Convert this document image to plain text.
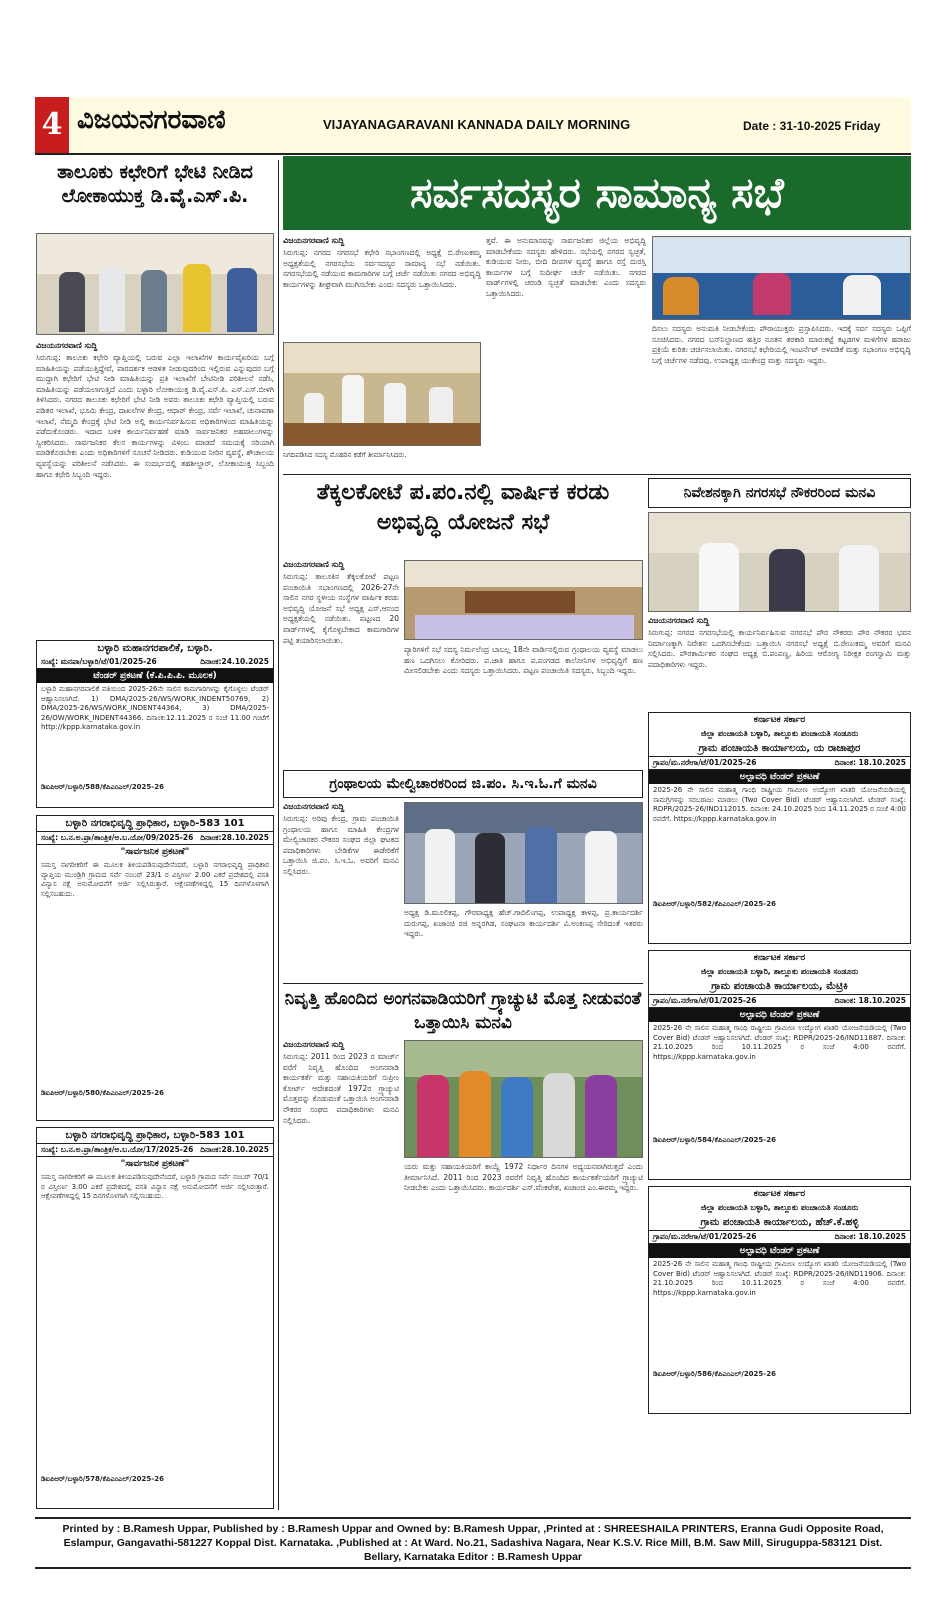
4 ವಿಜಯನಗರವಾಣಿ	VIJAYANAGARAVANI KANNADA DAILY MORNING	Date : 31-10-2025 Friday
ತಾಲೂಕು ಕಛೇರಿಗೆ ಭೇಟಿ ನೀಡಿದ ಲೋಕಾಯುಕ್ತ ಡಿ.ವೈ.ಎಸ್.ಪಿ.
ವಿಜಯನಗರವಾಣಿ ಸುದ್ದಿ
ಸಿರುಗುಪ್ಪ: ತಾಲೂಕು ಕಛೇರಿ ವ್ಯಾಪ್ತಿಯಲ್ಲಿ ಬರುವ ಎಲ್ಲಾ ಇಲಾಖೆಗಳ ಕಾರ್ಯವೈಖರಿಯ ಬಗ್ಗೆ ಮಾಹಿತಿಯನ್ನು ಪಡೆಯುತ್ತಿದ್ದೇವೆ, ಪಾರದರ್ಶಕ ಆಡಳಿತ ನೀಡುವುದರಿಂದ ಇಲ್ಲಿರುವ ಎನ್ನುವುದರ ಬಗ್ಗೆ ಮುದ್ದಾಗಿ ಕಛೇರಿಗೆ ಭೇಟಿ ನೀಡಿ ಮಾಹಿತಿಯನ್ನು ಪ್ರತಿ ಇಲಾಖೆಗೆ ಬೇಟಿನೀಡಿ ಪರಿಶೀಲನೆ ನಡೆಸಿ, ಮಾಹಿತಿಯನ್ನು ಪಡೆಯಲಾಗುತ್ತಿದೆ ಎಂದು ಬಳ್ಳಾರಿ ಲೋಕಾಯುಕ್ತ ಡಿ.ವೈ.ಎಸ್.ಪಿ. ಎಸ್.ಎಸ್.ಬೀಳಗಿ ತಿಳಿಸಿದರು. ನಗರದ ತಾಲೂಕು ಕಛೇರಿಗೆ ಭೇಟಿ ನೀಡಿ ಅವರು ತಾಲೂಕು ಕಛೇರಿ ವ್ಯಾಪ್ತಿಯಲ್ಲಿ ಬರುವ ಪಡಿತರ ಇಲಾಖೆ, ಭೂಮಿ ಕೇಂದ್ರ, ದಾಖಲೆಗಳ ಕೇಂದ್ರ, ಆಧಾರ್ ಕೇಂದ್ರ, ಸರ್ವೆ ಇಲಾಖೆ, ಚುನಾವಣಾ ಇಲಾಖೆ, ನೆಮ್ಮದಿ ಕೇಂದ್ರಕ್ಕೆ ಭೇಟಿ ನೀಡಿ ಅಲ್ಲಿ ಕಾರ್ಯನಿರ್ವಹಿಸುವ ಅಧಿಕಾರಿಗಳಿಂದ ಮಾಹಿತಿಯನ್ನು ಪಡೆದುಕೊಂಡರು. ಇದಾದ ಬಳಿಕ ಕಾರ್ಯನಿರ್ವಹಣೆ ಮಾಡಿ ಸಾರ್ವಜನಿಕರ ಅಹವಾಲುಗಳನ್ನು ಸ್ವೀಕರಿಸಿದರು. ಸಾರ್ವಜನಿಕರ ಕೆಲಸ ಕಾರ್ಯಗಳನ್ನು ವಿಳಂಬ ಮಾಡದೆ ಸಮಯಕ್ಕೆ ಸರಿಯಾಗಿ ಮಾಡಿಕೊಡಬೇಕು ಎಂದು ಅಧಿಕಾರಿಗಳಿಗೆ ಸೂಚನೆ ನೀಡಿದರು. ಕುಡಿಯುವ ನೀರಿನ ವ್ಯವಸ್ಥೆ, ಶೌಚಾಲಯ ವ್ಯವಸ್ಥೆಯನ್ನು ಪರಿಶೀಲನೆ ನಡೆಸಿದರು. ಈ ಸಂದರ್ಭದಲ್ಲಿ ತಹಶೀಲ್ದಾರ್, ಲೋಕಾಯುಕ್ತ ಸಿಬ್ಬಂದಿ ಹಾಗೂ ಕಛೇರಿ ಸಿಬ್ಬಂದಿ ಇದ್ದರು.
ಬಳ್ಳಾರಿ ಮಹಾನಗರಪಾಲಿಕೆ, ಬಳ್ಳಾರಿ.
ಸಂಖ್ಯೆ: ಮನಪಾ/ಬಳ್ಳಾರಿ/ಟೆ/01/2025-26	ದಿನಾಂಕ:24.10.2025
ಟೆಂಡರ್ ಪ್ರಕಟಣೆ (ಕೆ.ಪಿ.ಪಿ.ಪಿ. ಮೂಲಕ)
ಬಳ್ಳಾರಿ ಮಹಾನಗರಪಾಲಿಕೆ ವತಿಯಿಂದ 2025-26ನೇ ಸಾಲಿನ ಕಾಮಗಾರಿಗಳನ್ನು ಕೈಗೊಳ್ಳಲು ಟೆಂಡರ್ ಆಹ್ವಾನಿಸಲಾಗಿದೆ. 1) DMA/2025-26/WS/WORK_INDENT50769, 2) DMA/2025-26/WS/WORK_INDENT44364, 3) DMA/2025-26/OW/WORK_INDENT44366. ದಿನಾಂಕ:12.11.2025 ರ ಸಂಜೆ 11.00 ಗಂಟೆಗೆ http://kppp.karnataka.gov.in
ಡಿಐಪಿಆರ್/ಬಳ್ಳಾರಿ/588/ಕೆಪಿಎಂಎಲ್/2025-26
ಬಳ್ಳಾರಿ ನಗರಾಭಿವೃದ್ಧಿ ಪ್ರಾಧಿಕಾರ, ಬಳ್ಳಾರಿ-583 101
ಸಂಖ್ಯೆ: ಬ.ನ.ಅ.ಪ್ರಾ/ತಾಂತ್ರಿಕ/ಅ.ಬ.ಯೋ/09/2025-26 ದಿನಾಂಕ:28.10.2025
"ಸಾರ್ವಜನಿಕ ಪ್ರಕಟಣೆ"
ಸಮಸ್ತ ನಾಗರೀಕರಿಗೆ ಈ ಮೂಲಕ ತಿಳಿಯಪಡಿಸುವುದೇನೆಂದರೆ, ಬಳ್ಳಾರಿ ನಗರಾಭಿವೃದ್ಧಿ ಪ್ರಾಧಿಕಾರ ವ್ಯಾಪ್ತಿಯ ಮುಂಡ್ರಿಗಿ ಗ್ರಾಮದ ಸರ್ವೆ ನಂಬರ್ 23/1 ರ ವಿಸ್ತೀರ್ಣ 2.00 ಎಕರೆ ಪ್ರದೇಶದಲ್ಲಿ ವಸತಿ ವಿನ್ಯಾಸ ನಕ್ಷೆ ಅನುಮೋದನೆಗೆ ಅರ್ಜಿ ಸಲ್ಲಿಸಿರುತ್ತಾರೆ. ಆಕ್ಷೇಪಣೆಗಳಿದ್ದಲ್ಲಿ 15 ದಿನಗಳೊಳಗಾಗಿ ಸಲ್ಲಿಸಬಹುದು.
ಡಿಐಪಿಆರ್/ಬಳ್ಳಾರಿ/580/ಕೆಪಿಎಂಎಲ್/2025-26
ಬಳ್ಳಾರಿ ನಗರಾಭಿವೃದ್ಧಿ ಪ್ರಾಧಿಕಾರ, ಬಳ್ಳಾರಿ-583 101
ಸಂಖ್ಯೆ: ಬ.ನ.ಅ.ಪ್ರಾ/ತಾಂತ್ರಿಕ/ಅ.ಬ.ಯೋ/17/2025-26 ದಿನಾಂಕ:28.10.2025
"ಸಾರ್ವಜನಿಕ ಪ್ರಕಟಣೆ"
ಸಮಸ್ತ ನಾಗರೀಕರಿಗೆ ಈ ಮೂಲಕ ತಿಳಿಯಪಡಿಸುವುದೇನೆಂದರೆ, ಬಳ್ಳಾರಿ ಗ್ರಾಮದ ಸರ್ವೆ ನಂಬರ್ 70/1 ರ ವಿಸ್ತೀರ್ಣ 3.00 ಎಕರೆ ಪ್ರದೇಶದಲ್ಲಿ ವಸತಿ ವಿನ್ಯಾಸ ನಕ್ಷೆ ಅನುಮೋದನೆಗೆ ಅರ್ಜಿ ಸಲ್ಲಿಸಿರುತ್ತಾರೆ. ಆಕ್ಷೇಪಣೆಗಳಿದ್ದಲ್ಲಿ 15 ದಿನಗಳೊಳಗಾಗಿ ಸಲ್ಲಿಸಬಹುದು.
ಡಿಐಪಿಆರ್/ಬಳ್ಳಾರಿ/578/ಕೆಪಿಎಂಎಲ್/2025-26
ಸರ್ವಸದಸ್ಯರ ಸಾಮಾನ್ಯ ಸಭೆ
ವಿಜಯನಗರವಾಣಿ ಸುದ್ದಿ
ಸಿರುಗುಪ್ಪ: ನಗರದ ನಗರಸಭೆ ಕಛೇರಿ ಸಭಾಂಗಣದಲ್ಲಿ ಅಧ್ಯಕ್ಷೆ ಬಿ.ರೇಣುಕಮ್ಮ ಅಧ್ಯಕ್ಷತೆಯಲ್ಲಿ ನಗರಸಭೆಯ ಸರ್ವಸದಸ್ಯರ ಸಾಮಾನ್ಯ ಸಭೆ ನಡೆಯಿತು. ನಗರಸಭೆಯಲ್ಲಿ ನಡೆಯುವ ಕಾಮಗಾರಿಗಳ ಬಗ್ಗೆ ಚರ್ಚೆ ನಡೆಯಿತು ನಗರದ ಅಭಿವೃದ್ಧಿ ಕಾರ್ಯಗಳನ್ನು ಶೀಘ್ರವಾಗಿ ಮುಗಿಸಬೇಕು ಎಂದು ಸದಸ್ಯರು ಒತ್ತಾಯಿಸಿದರು.
ನಿಗದಿಪಡಿಸಿದ ಸದಸ್ಯ ಮೊಹರಿನ ಕಡೆಗೆ ತೀರ್ಮಾನಿಸಿದರು.
ತ್ತವೆ. ಈ ಅನುಮಾನವನ್ನು ಸಾರ್ವಜನಿಕರ ಜಿಲ್ಲೆಯ ಅಭಿವೃದ್ಧಿ ಮಾಡಬೇಕೆಂದು ಸದಸ್ಯರು ಹೇಳಿದರು. ಸಭೆಯಲ್ಲಿ ನಗರದ ಸ್ವಚ್ಛತೆ, ಕುಡಿಯುವ ನೀರು, ಬೀದಿ ದೀಪಗಳ ವ್ಯವಸ್ಥೆ ಹಾಗೂ ರಸ್ತೆ ದುರಸ್ತಿ ಕಾರ್ಯಗಳ ಬಗ್ಗೆ ಸುದೀರ್ಘ ಚರ್ಚೆ ನಡೆಯಿತು. ನಗರದ ವಾರ್ಡ್‌ಗಳಲ್ಲಿ ಚರಂಡಿ ಸ್ವಚ್ಛತೆ ಮಾಡಬೇಕು ಎಂದು ಸದಸ್ಯರು ಒತ್ತಾಯಿಸಿದರು.
ದಿಸಲು ಸದಸ್ಯರು ಅನುಮತಿ ನೀಡಬೇಕೆಂದು ಪೌರಾಯುಕ್ತರು ಪ್ರಸ್ತಾಪಿಸಿದರು. ಇದಕ್ಕೆ ಸರ್ವ ಸದಸ್ಯರು ಒಪ್ಪಿಗೆ ಸೂಚಿಸಿದರು. ನಗರದ ಬಸ್‌ನಿಲ್ದಾಣದ ಹತ್ತಿರ ನೂತನ ತರಕಾರಿ ಮಾರುಕಟ್ಟೆ ಕಟ್ಟಡಗಳ ಮಳಿಗೆಗಳ ಹರಾಜು ಪ್ರಕ್ರಿಯೆ ಕುರಿತು ಚರ್ಚಿಸಲಾಯಿತು. ನಗರಸಭೆ ಕಛೇರಿಯಲ್ಲಿ ಇಂಟರ್ನೆಟ್ ಅಳವಡಿಕೆ ಮತ್ತು ಸಭಾಂಗಣ ಅಭಿವೃದ್ಧಿ ಬಗ್ಗೆ ಚರ್ಚೆಗಳ ನಡೆದವು. ಉಪಾಧ್ಯಕ್ಷ ಯುಕೇಂದ್ರ ಮತ್ತು ಸದಸ್ಯರು ಇದ್ದರು.
ತೆಕ್ಕಲಕೋಟೆ ಪ.ಪಂ.ನಲ್ಲಿ ವಾರ್ಷಿಕ ಕರಡು ಅಭಿವೃದ್ಧಿ ಯೋಜನೆ ಸಭೆ
ವಿಜಯನಗರವಾಣಿ ಸುದ್ದಿ
ಸಿರುಗುಪ್ಪ: ತಾಲೂಕಿನ ತೆಕ್ಕಲಕೋಟೆ ಪಟ್ಟಣ ಪಂಚಾಯಿತಿ ಸಭಾಂಗಣದಲ್ಲಿ 2026-27ನೇ ಸಾಲಿನ ನಗರ ಸ್ಥಳೀಯ ಸಂಸ್ಥೆಗಳ ವಾರ್ಷಿಕ ಕರಡು ಅಭಿವೃದ್ಧಿ ಯೋಜನೆ ಸಭೆ ಅಧ್ಯಕ್ಷ ಎಸ್.ಆನಂದ ಅಧ್ಯಕ್ಷತೆಯಲ್ಲಿ ನಡೆಯಿತು. ಪಟ್ಟಣದ 20 ವಾರ್ಡ್‌ಗಳಲ್ಲಿ ಕೈಗೊಳ್ಳಬೇಕಾದ ಕಾಮಗಾರಿಗಳ ಪಟ್ಟಿ ತಯಾರಿಸಲಾಯಿತು.
ಪ್ಯಾರಿಗಳಿಗೆ ಸಭೆ ಸದಸ್ಯ ನಿರ್ಮಲೆಂದ್ರ ಬಾಬಲ್ಲ 18ನೇ ವಾರ್ಡಿನಲ್ಲಿರುವ ಗ್ರಂಥಾಲಯ ವ್ಯವಸ್ಥೆ ಮಾಡಲು ಹಣ ಒದಗಿಸಲು ಕೋರಿದರು. ಪ.ಜಾತಿ ಹಾಗೂ ಪ.ಪಂಗಡದ ಕಾಲೋನಿಗಳ ಅಭಿವೃದ್ಧಿಗೆ ಹಣ ಮೀಸಲಿಡಬೇಕು ಎಂದು ಸದಸ್ಯರು ಒತ್ತಾಯಿಸಿದರು. ಪಟ್ಟಣ ಪಂಚಾಯಿತಿ ಸದಸ್ಯರು, ಸಿಬ್ಬಂದಿ ಇದ್ದರು.
ನಿವೇಶನಕ್ಕಾಗಿ ನಗರಸಭೆ ನೌಕರರಿಂದ ಮನವಿ
ವಿಜಯನಗರವಾಣಿ ಸುದ್ದಿ
ಸಿರುಗುಪ್ಪ: ನಗರದ ನಗರಸಭೆಯಲ್ಲಿ ಕಾರ್ಯನಿರ್ವಹಿಸುವ ನಗರಸಭೆ ಪೌರ ನೌಕರರು ಪೌರ ನೌಕರರ ಭವನ ನಿರ್ಮಾಣಕ್ಕಾಗಿ ನಿವೇಶನ ಒದಗಿಸಬೇಕೆಂದು ಒತ್ತಾಯಿಸಿ ನಗರಸಭೆ ಅಧ್ಯಕ್ಷೆ ಬಿ.ರೇಣುಕಮ್ಮ ಅವರಿಗೆ ಮನವಿ ಸಲ್ಲಿಸಿದರು. ಪೌರಕಾರ್ಮಿಕರ ಸಂಘದ ಅಧ್ಯಕ್ಷ ಬಿ.ಪಂಪಣ್ಣ, ಹಿರಿಯ ಆರೋಗ್ಯ ನಿರೀಕ್ಷಕ ರಂಗಸ್ವಾಮಿ ಮತ್ತು ಪದಾಧಿಕಾರಿಗಳು ಇದ್ದರು.
ಗ್ರಂಥಾಲಯ ಮೇಲ್ವಿಚಾರಕರಿಂದ ಜಿ.ಪಂ. ಸಿ.ಇ.ಓ.ಗೆ ಮನವಿ
ವಿಜಯನಗರವಾಣಿ ಸುದ್ದಿ
ಸಿರುಗುಪ್ಪ: ಅರಿವು ಕೇಂದ್ರ, ಗ್ರಾಮ ಪಂಚಾಯಿತಿ ಗ್ರಂಥಾಲಯ ಹಾಗೂ ಮಾಹಿತಿ ಕೇಂದ್ರಗಳ ಮೇಲ್ವಿಚಾರಕರ ನೌಕರರ ಸಂಘದ ಜಿಲ್ಲಾ ಘಟಕದ ಪದಾಧಿಕಾರಿಗಳು ಬೇಡಿಕೆಗಳ ಈಡೇರಿಕೆಗೆ ಒತ್ತಾಯಿಸಿ ಜಿ.ಪಂ. ಸಿ.ಇ.ಓ. ಅವರಿಗೆ ಮನವಿ ಸಲ್ಲಿಸಿದರು.
ಅಧ್ಯಕ್ಷ ಡಿ.ಮೂಲಿಕಪ್ಪ, ಗೌರವಾಧ್ಯಕ್ಷ ಹೆಚ್.ಗಾದಿಲಿಂಗಪ್ಪ, ಉಪಾಧ್ಯಕ್ಷ ಕಾಳಪ್ಪ, ಪ್ರ.ಕಾರ್ಯದರ್ಶಿ ದುರುಗಪ್ಪ, ಖಜಾಂಚಿ ರಜಿ ಅನ್ನರಗಿಡ, ಸಂಘಟನಾ ಕಾರ್ಯದರ್ಶಿ ವಿ.ಅಂಕಣಪ್ಪ ಸೇರಿದಂತೆ ಇತರರು ಇದ್ದರು.
ನಿವೃತ್ತಿ ಹೊಂದಿದ ಅಂಗನವಾಡಿಯರಿಗೆ ಗ್ರ್ಯಾಚ್ಯುಟಿ ಮೊತ್ತ ನೀಡುವಂತೆ ಒತ್ತಾಯಿಸಿ ಮನವಿ
ವಿಜಯನಗರವಾಣಿ ಸುದ್ದಿ
ಸಿರುಗುಪ್ಪ: 2011 ರಿಂದ 2023 ರ ಮಾರ್ಚ್ ವರೆಗೆ ನಿವೃತ್ತಿ ಹೊಂದಿದ ಅಂಗನವಾಡಿ ಕಾರ್ಯಕರ್ತೆ ಮತ್ತು ಸಹಾಯಕಿಯರಿಗೆ ಸುಪ್ರೀಂ ಕೋರ್ಟ್ ಆದೇಶದಂತೆ 1972ರ ಗ್ರ್ಯಾಚ್ಯುಟಿ ಮೊತ್ತವನ್ನು ಕೊಡುವಂತೆ ಒತ್ತಾಯಿಸಿ ಅಂಗನವಾಡಿ ನೌಕರರ ಸಂಘದ ಪದಾಧಿಕಾರಿಗಳು ಮನವಿ ಸಲ್ಲಿಸಿದರು.
ಯರು ಮತ್ತು ಸಹಾಯಕಿಯರಿಗೆ ಕಾಯ್ದೆ 1972 ನಿರ್ಧಾರ ದಿನಗಳ ಅಧ್ಯಯನವಾಗಿರುತ್ತದೆ ಎಂದು ತೀರ್ಮಾನಿಸಿದೆ. 2011 ರಿಂದ 2023 ರವರೆಗೆ ನಿವೃತ್ತಿ ಹೊಂದಿದ ಕಾರ್ಯಕರ್ತೆಯರಿಗೆ ಗ್ರ್ಯಾಚ್ಯುಟಿ ನೀಡಬೇಕು ಎಂದು ಒತ್ತಾಯಿಸಿದರು. ಕಾರ್ಯದರ್ಶಿ ಎಸ್.ವೆಂಕಟೇಶ, ಖಜಾಂಚಿ ಎಂ.ಈರಮ್ಮ ಇದ್ದರು.
ಕರ್ನಾಟಕ ಸರ್ಕಾರ
ಜಿಲ್ಲಾ ಪಂಚಾಯತಿ ಬಳ್ಳಾರಿ, ತಾಲ್ಲೂಕು ಪಂಚಾಯತಿ ಸಂಡೂರು
ಗ್ರಾಮ ಪಂಚಾಯತಿ ಕಾರ್ಯಾಲಯ, ಯ ರಾಜಾಪುರ
ಗ್ರಾಪಂ/ಮ.ನರೇಗಾ/ಟೆ/01/2025-26	ದಿನಾಂಕ: 18.10.2025
ಅಲ್ಪಾವಧಿ ಟೆಂಡರ್ ಪ್ರಕಟಣೆ
2025-26 ನೇ ಸಾಲಿನ ಮಹಾತ್ಮ ಗಾಂಧಿ ರಾಷ್ಟ್ರೀಯ ಗ್ರಾಮೀಣ ಉದ್ಯೋಗ ಖಾತರಿ ಯೋಜನೆಯಡಿಯಲ್ಲಿ ಸಾಮಗ್ರಿಗಳನ್ನು ಸರಬರಾಜು ಮಾಡಲು (Two Cover Bid) ಟೆಂಡರ್ ಆಹ್ವಾನಿಸಲಾಗಿದೆ. ಟೆಂಡರ್ ಸಂಖ್ಯೆ: RDPR/2025-26/IND112015. ದಿನಾಂಕ: 24.10.2025 ರಿಂದ 14.11.2025 ರ ಸಂಜೆ 4:00 ರವರೆಗೆ. https://kppp.karnataka.gov.in
ಡಿಐಪಿಆರ್/ಬಳ್ಳಾರಿ/582/ಕೆಪಿಎಂಎಲ್/2025-26
ಕರ್ನಾಟಕ ಸರ್ಕಾರ
ಜಿಲ್ಲಾ ಪಂಚಾಯತಿ ಬಳ್ಳಾರಿ, ತಾಲ್ಲೂಕು ಪಂಚಾಯತಿ ಸಂಡೂರು
ಗ್ರಾಮ ಪಂಚಾಯತಿ ಕಾರ್ಯಾಲಯ, ಮೆಟ್ರಿಕಿ
ಗ್ರಾಪಂ/ಮ.ನರೇಗಾ/ಟೆ/01/2025-26	ದಿನಾಂಕ: 18.10.2025
ಅಲ್ಪಾವಧಿ ಟೆಂಡರ್ ಪ್ರಕಟಣೆ
2025-26 ನೇ ಸಾಲಿನ ಮಹಾತ್ಮ ಗಾಂಧಿ ರಾಷ್ಟ್ರೀಯ ಗ್ರಾಮೀಣ ಉದ್ಯೋಗ ಖಾತರಿ ಯೋಜನೆಯಡಿಯಲ್ಲಿ (Two Cover Bid) ಟೆಂಡರ್ ಆಹ್ವಾನಿಸಲಾಗಿದೆ. ಟೆಂಡರ್ ಸಂಖ್ಯೆ: RDPR/2025-26/IND11887. ದಿನಾಂಕ: 21.10.2025 ರಿಂದ 10.11.2025 ರ ಸಂಜೆ 4:00 ರವರೆಗೆ. https://kppp.karnataka.gov.in
ಡಿಐಪಿಆರ್/ಬಳ್ಳಾರಿ/584/ಕೆಪಿಎಂಎಲ್/2025-26
ಕರ್ನಾಟಕ ಸರ್ಕಾರ
ಜಿಲ್ಲಾ ಪಂಚಾಯತಿ ಬಳ್ಳಾರಿ, ತಾಲ್ಲೂಕು ಪಂಚಾಯತಿ ಸಂಡೂರು
ಗ್ರಾಮ ಪಂಚಾಯತಿ ಕಾರ್ಯಾಲಯ, ಹೆಚ್.ಕೆ.ಹಳ್ಳಿ
ಗ್ರಾಪಂ/ಮ.ನರೇಗಾ/ಟೆ/01/2025-26	ದಿನಾಂಕ: 18.10.2025
ಅಲ್ಪಾವಧಿ ಟೆಂಡರ್ ಪ್ರಕಟಣೆ
2025-26 ನೇ ಸಾಲಿನ ಮಹಾತ್ಮ ಗಾಂಧಿ ರಾಷ್ಟ್ರೀಯ ಗ್ರಾಮೀಣ ಉದ್ಯೋಗ ಖಾತರಿ ಯೋಜನೆಯಡಿಯಲ್ಲಿ (Two Cover Bid) ಟೆಂಡರ್ ಆಹ್ವಾನಿಸಲಾಗಿದೆ. ಟೆಂಡರ್ ಸಂಖ್ಯೆ: RDPR/2025-26/IND11906. ದಿನಾಂಕ: 21.10.2025 ರಿಂದ 10.11.2025 ರ ಸಂಜೆ 4:00 ರವರೆಗೆ. https://kppp.karnataka.gov.in
ಡಿಐಪಿಆರ್/ಬಳ್ಳಾರಿ/586/ಕೆಪಿಎಂಎಲ್/2025-26
Printed by : B.Ramesh Uppar, Published by : B.Ramesh Uppar and Owned by: B.Ramesh Uppar, ,Printed at : SHREESHAILA PRINTERS, Eranna Gudi Opposite Road,
Eslampur, Gangavathi-581227 Koppal Dist. Karnataka. ,Published at : At Ward. No.21, Sadashiva Nagara, Near K.S.V. Rice Mill, B.M. Saw Mill, Siruguppa-583121 Dist.
Bellary, Karnataka Editor : B.Ramesh Uppar
